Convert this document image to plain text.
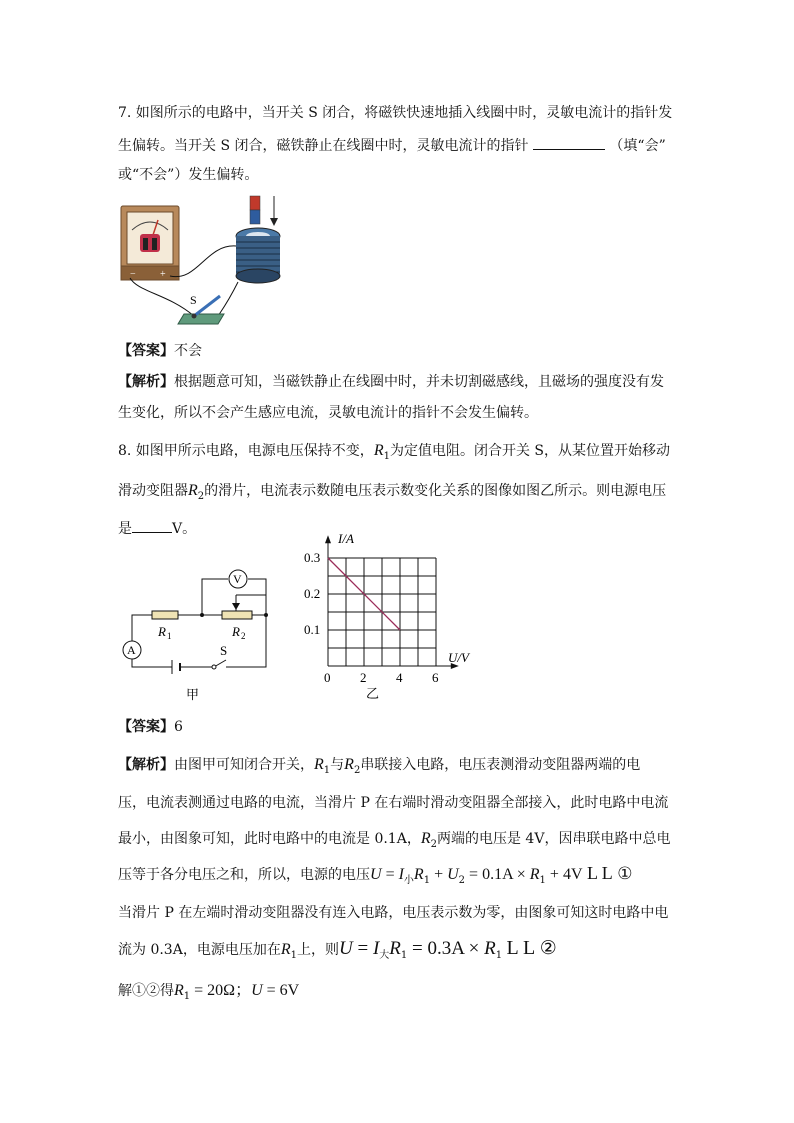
7. 如图所示的电路中，当开关 S 闭合，将磁铁快速地插入线圈中时，灵敏电流计的指针发
生偏转。当开关 S 闭合，磁铁静止在线圈中时，灵敏电流计的指针	（填“会”
或“不会”）发生偏转。
− +
S
【答案】不会
【解析】根据题意可知，当磁铁静止在线圈中时，并未切割磁感线，且磁场的强度没有发
生变化，所以不会产生感应电流，灵敏电流计的指针不会发生偏转。
8. 如图甲所示电路，电源电压保持不变，$R_1$为定值电阻。闭合开关 S，从某位置开始移动
滑动变阻器$R_2$的滑片，电流表示数随电压表示数变化关系的图像如图乙所示。则电源电压
是	V。
A
V
R 1	R 2
S
甲
0 2 4 6
0.1
0.2
0.3
I/A
U/V
乙
【答案】6
【解析】由图甲可知闭合开关，$R_1$与$R_2$串联接入电路，电压表测滑动变阻器两端的电
压，电流表测通过电路的电流，当滑片 P 在右端时滑动变阻器全部接入，此时电路中电流
最小，由图象可知，此时电路中的电流是 0.1A，$R_2$两端的电压是 4V，因串联电路中总电
压等于各分电压之和，所以，电源的电压$U = I_小R_1 + U_2 = 0.1A \times R_1 + 4V$ L L ①
当滑片 P 在左端时滑动变阻器没有连入电路，电压表示数为零，由图象可知这时电路中电
流为 0.3A，电源电压加在$R_1$上，则$U = I_大R_1 = 0.3A \times R_1$ L L ②
解①②得$R_1 = 20\Omega$；U = 6V
